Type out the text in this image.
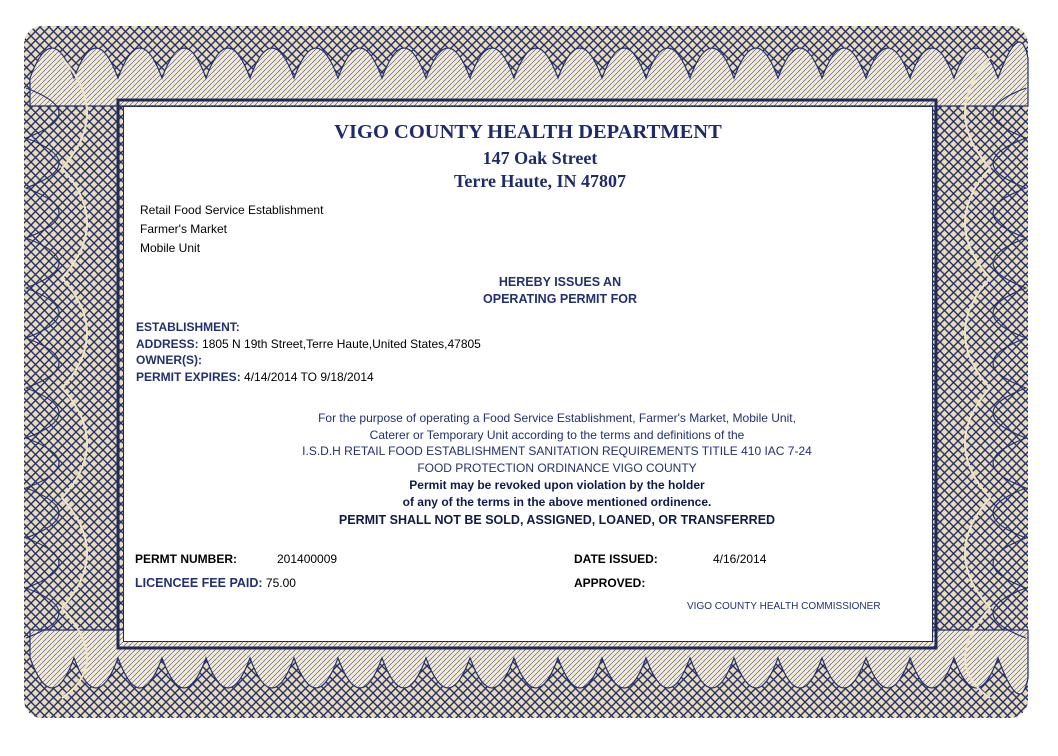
VIGO COUNTY HEALTH DEPARTMENT
147 Oak Street
Terre Haute, IN 47807
Retail Food Service Establishment
Farmer's Market
Mobile Unit
HEREBY ISSUES AN
OPERATING PERMIT FOR
ESTABLISHMENT:
ADDRESS: 1805 N 19th Street,Terre Haute,United States,47805
OWNER(S):
PERMIT EXPIRES: 4/14/2014 TO 9/18/2014
For the purpose of operating a Food Service Establishment, Farmer's Market, Mobile Unit,
Caterer or Temporary Unit according to the terms and definitions of the
I.S.D.H RETAIL FOOD ESTABLISHMENT SANITATION REQUIREMENTS TITILE 410 IAC 7-24
FOOD PROTECTION ORDINANCE VIGO COUNTY
Permit may be revoked upon violation by the holder
of any of the terms in the above mentioned ordinence.
PERMIT SHALL NOT BE SOLD, ASSIGNED, LOANED, OR TRANSFERRED
PERMT NUMBER:	201400009
LICENCEE FEE PAID: 75.00
DATE ISSUED:	4/16/2014
APPROVED:
VIGO COUNTY HEALTH COMMISSIONER
